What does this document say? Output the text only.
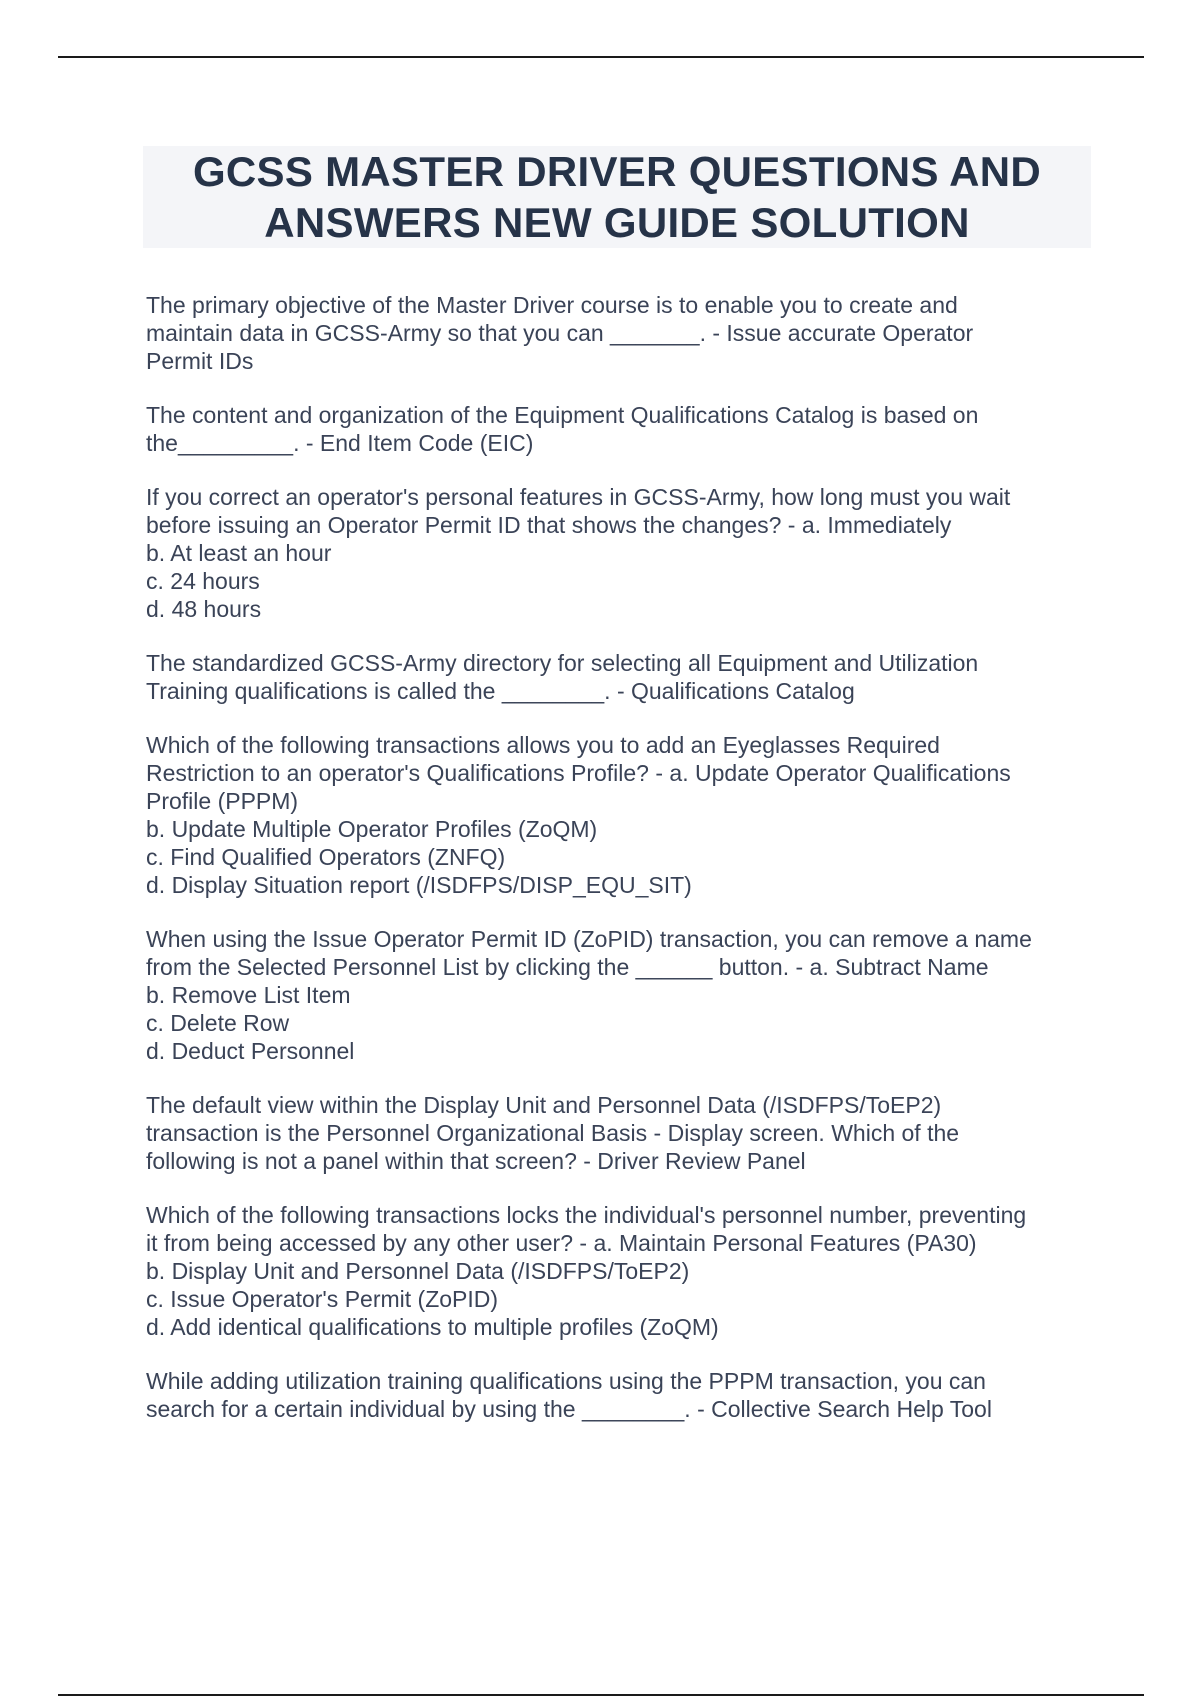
GCSS MASTER DRIVER QUESTIONS AND
ANSWERS NEW GUIDE SOLUTION

The primary objective of the Master Driver course is to enable you to create and
maintain data in GCSS-Army so that you can _______. - Issue accurate Operator
Permit IDs

The content and organization of the Equipment Qualifications Catalog is based on
the_________. - End Item Code (EIC)

If you correct an operator's personal features in GCSS-Army, how long must you wait
before issuing an Operator Permit ID that shows the changes? - a. Immediately
b. At least an hour
c. 24 hours
d. 48 hours

The standardized GCSS-Army directory for selecting all Equipment and Utilization
Training qualifications is called the ________. - Qualifications Catalog

Which of the following transactions allows you to add an Eyeglasses Required
Restriction to an operator's Qualifications Profile? - a. Update Operator Qualifications
Profile (PPPM)
b. Update Multiple Operator Profiles (ZoQM)
c. Find Qualified Operators (ZNFQ)
d. Display Situation report (/ISDFPS/DISP_EQU_SIT)

When using the Issue Operator Permit ID (ZoPID) transaction, you can remove a name
from the Selected Personnel List by clicking the ______ button. - a. Subtract Name
b. Remove List Item
c. Delete Row
d. Deduct Personnel

The default view within the Display Unit and Personnel Data (/ISDFPS/ToEP2)
transaction is the Personnel Organizational Basis - Display screen. Which of the
following is not a panel within that screen? - Driver Review Panel

Which of the following transactions locks the individual's personnel number, preventing
it from being accessed by any other user? - a. Maintain Personal Features (PA30)
b. Display Unit and Personnel Data (/ISDFPS/ToEP2)
c. Issue Operator's Permit (ZoPID)
d. Add identical qualifications to multiple profiles (ZoQM)

While adding utilization training qualifications using the PPPM transaction, you can
search for a certain individual by using the ________. - Collective Search Help Tool
